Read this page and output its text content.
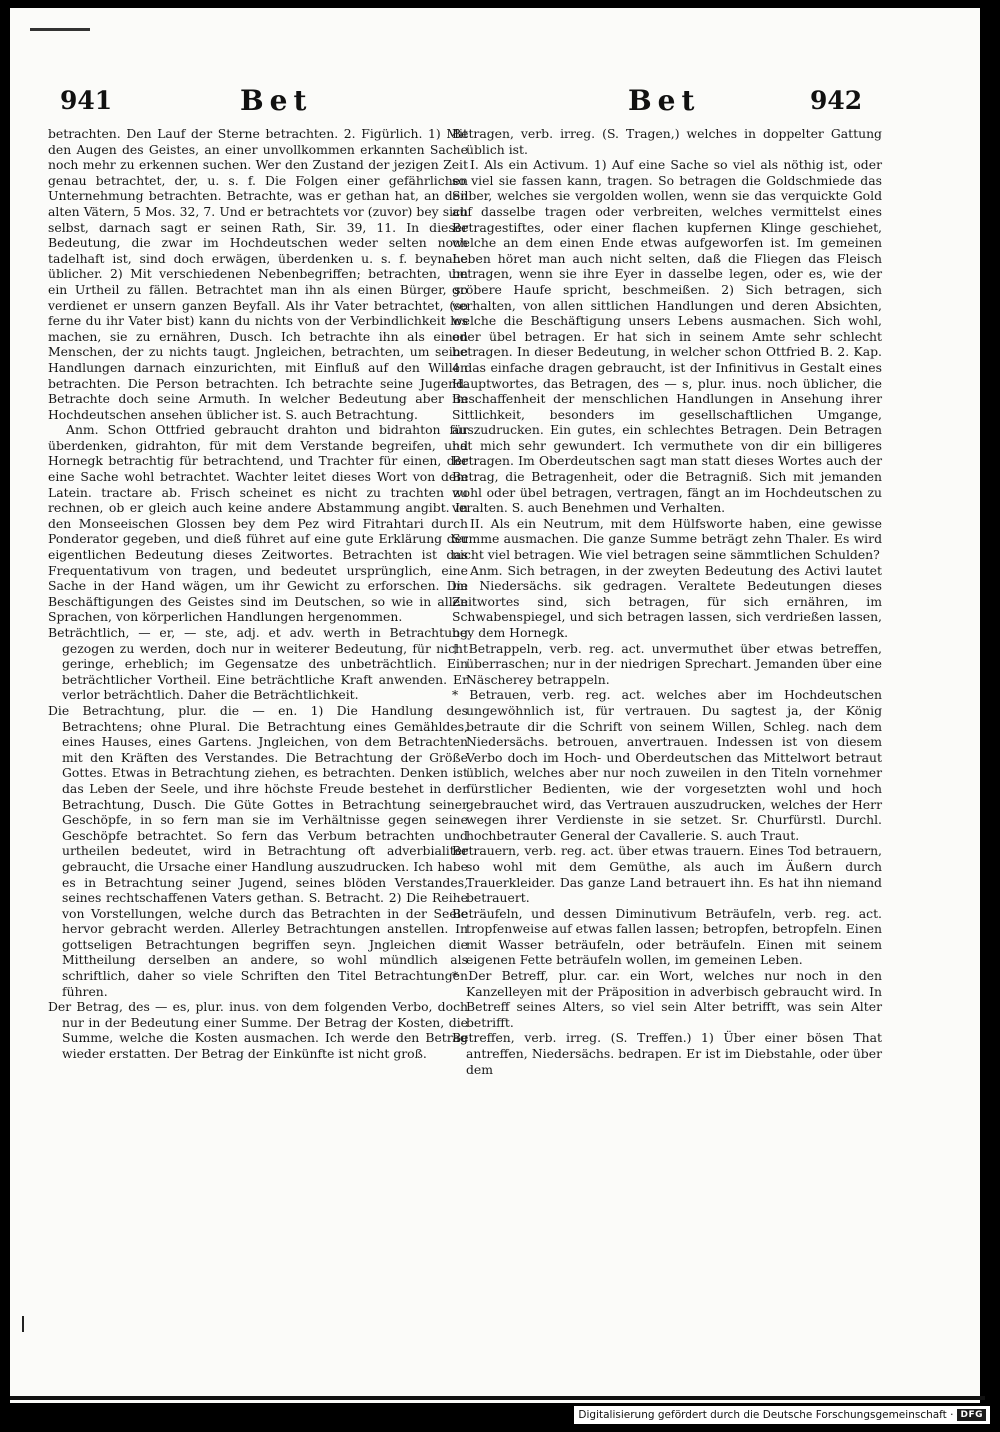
941	Bet	Bet	942

betrachten. Den Lauf der Sterne betrachten. 2. Figürlich. 1) Mit den Augen des Geistes, an einer unvollkommen erkannten Sache noch mehr zu erkennen suchen. Wer den Zustand der jezigen Zeit genau betrachtet, der, u. s. f. Die Folgen einer gefährlichen Unternehmung betrachten. Betrachte, was er gethan hat, an den alten Vätern, 5 Mos. 32, 7. Und er betrachtets vor (zuvor) bey sich selbst, darnach sagt er seinen Rath, Sir. 39, 11. In dieser Bedeutung, die zwar im Hochdeutschen weder selten noch tadelhaft ist, sind doch erwägen, überdenken u. s. f. beynahe üblicher. 2) Mit verschiedenen Nebenbegriffen; betrachten, um ein Urtheil zu fällen. Betrachtet man ihn als einen Bürger, so verdienet er unsern ganzen Beyfall. Als ihr Vater betrachtet, (so ferne du ihr Vater bist) kann du nichts von der Verbindlichkeit los machen, sie zu ernähren, Dusch. Ich betrachte ihn als einen Menschen, der zu nichts taugt. Jngleichen, betrachten, um seine Handlungen darnach einzurichten, mit Einfluß auf den Willen betrachten. Die Person betrachten. Ich betrachte seine Jugend. Betrachte doch seine Armuth. In welcher Bedeutung aber im Hochdeutschen ansehen üblicher ist. S. auch Betrachtung.

Anm. Schon Ottfried gebraucht drahton und bidrahton für überdenken, gidrahton, für mit dem Verstande begreifen, und Hornegk betrachtig für betrachtend, und Trachter für einen, der eine Sache wohl betrachtet. Wachter leitet dieses Wort von dem Latein. tractare ab. Frisch scheinet es nicht zu trachten zu rechnen, ob er gleich auch keine andere Abstammung angibt. In den Monseeischen Glossen bey dem Pez wird Fitrahtari durch Ponderator gegeben, und dieß führet auf eine gute Erklärung der eigentlichen Bedeutung dieses Zeitwortes. Betrachten ist das Frequentativum von tragen, und bedeutet ursprünglich, eine Sache in der Hand wägen, um ihr Gewicht zu erforschen. Die Beschäftigungen des Geistes sind im Deutschen, so wie in allen Sprachen, von körperlichen Handlungen hergenommen.

Beträchtlich, — er, — ste, adj. et adv. werth in Betrachtung gezogen zu werden, doch nur in weiterer Bedeutung, für nicht geringe, erheblich; im Gegensatze des unbeträchtlich. Ein beträchtlicher Vortheil. Eine beträchtliche Kraft anwenden. Er verlor beträchtlich. Daher die Beträchtlichkeit.

Die Betrachtung, plur. die — en. 1) Die Handlung des Betrachtens; ohne Plural. Die Betrachtung eines Gemähldes, eines Hauses, eines Gartens. Jngleichen, von dem Betrachten mit den Kräften des Verstandes. Die Betrachtung der Größe Gottes. Etwas in Betrachtung ziehen, es betrachten. Denken ist das Leben der Seele, und ihre höchste Freude bestehet in der Betrachtung, Dusch. Die Güte Gottes in Betrachtung seiner Geschöpfe, in so fern man sie im Verhältnisse gegen seine Geschöpfe betrachtet. So fern das Verbum betrachten und urtheilen bedeutet, wird in Betrachtung oft adverbialiter gebraucht, die Ursache einer Handlung auszudrucken. Ich habe es in Betrachtung seiner Jugend, seines blöden Verstandes, seines rechtschaffenen Vaters gethan. S. Betracht. 2) Die Reihe von Vorstellungen, welche durch das Betrachten in der Seele hervor gebracht werden. Allerley Betrachtungen anstellen. In gottseligen Betrachtungen begriffen seyn. Jngleichen die Mittheilung derselben an andere, so wohl mündlich als schriftlich, daher so viele Schriften den Titel Betrachtungen führen.

Der Betrag, des — es, plur. inus. von dem folgenden Verbo, doch nur in der Bedeutung einer Summe. Der Betrag der Kosten, die Summe, welche die Kosten ausmachen. Ich werde den Betrag wieder erstatten. Der Betrag der Einkünfte ist nicht groß.

Betragen, verb. irreg. (S. Tragen,) welches in doppelter Gattung üblich ist.

I. Als ein Activum. 1) Auf eine Sache so viel als nöthig ist, oder so viel sie fassen kann, tragen. So betragen die Goldschmiede das Silber, welches sie vergolden wollen, wenn sie das verquickte Gold auf dasselbe tragen oder verbreiten, welches vermittelst eines Betragestiftes, oder einer flachen kupfernen Klinge geschiehet, welche an dem einen Ende etwas aufgeworfen ist. Im gemeinen Leben höret man auch nicht selten, daß die Fliegen das Fleisch betragen, wenn sie ihre Eyer in dasselbe legen, oder es, wie der gröbere Haufe spricht, beschmeißen. 2) Sich betragen, sich verhalten, von allen sittlichen Handlungen und deren Absichten, welche die Beschäftigung unsers Lebens ausmachen. Sich wohl, oder übel betragen. Er hat sich in seinem Amte sehr schlecht betragen. In dieser Bedeutung, in welcher schon Ottfried B. 2. Kap. 4 das einfache dragen gebraucht, ist der Infinitivus in Gestalt eines Hauptwortes, das Betragen, des — s, plur. inus. noch üblicher, die Beschaffenheit der menschlichen Handlungen in Ansehung ihrer Sittlichkeit, besonders im gesellschaftlichen Umgange, auszudrucken. Ein gutes, ein schlechtes Betragen. Dein Betragen hat mich sehr gewundert. Ich vermuthete von dir ein billigeres Betragen. Im Oberdeutschen sagt man statt dieses Wortes auch der Betrag, die Betragenheit, oder die Betragniß. Sich mit jemanden wohl oder übel betragen, vertragen, fängt an im Hochdeutschen zu veralten. S. auch Benehmen und Verhalten.

II. Als ein Neutrum, mit dem Hülfsworte haben, eine gewisse Summe ausmachen. Die ganze Summe beträgt zehn Thaler. Es wird nicht viel betragen. Wie viel betragen seine sämmtlichen Schulden?

Anm. Sich betragen, in der zweyten Bedeutung des Activi lautet im Niedersächs. sik gedragen. Veraltete Bedeutungen dieses Zeitwortes sind, sich betragen, für sich ernähren, im Schwabenspiegel, und sich betragen lassen, sich verdrießen lassen, bey dem Hornegk.

† Betrappeln, verb. reg. act. unvermuthet über etwas betreffen, überraschen; nur in der niedrigen Sprechart. Jemanden über eine Näscherey betrappeln.

* Betrauen, verb. reg. act. welches aber im Hochdeutschen ungewöhnlich ist, für vertrauen. Du sagtest ja, der König betraute dir die Schrift von seinem Willen, Schleg. nach dem Niedersächs. betrouen, anvertrauen. Indessen ist von diesem Verbo doch im Hoch- und Oberdeutschen das Mittelwort betraut üblich, welches aber nur noch zuweilen in den Titeln vornehmer fürstlicher Bedienten, wie der vorgesetzten wohl und hoch gebrauchet wird, das Vertrauen auszudrucken, welches der Herr wegen ihrer Verdienste in sie setzet. Sr. Churfürstl. Durchl. hochbetrauter General der Cavallerie. S. auch Traut.

Betrauern, verb. reg. act. über etwas trauern. Eines Tod betrauern, so wohl mit dem Gemüthe, als auch im Äußern durch Trauerkleider. Das ganze Land betrauert ihn. Es hat ihn niemand betrauert.

Beträufeln, und dessen Diminutivum Beträufeln, verb. reg. act. tropfenweise auf etwas fallen lassen; betropfen, betropfeln. Einen mit Wasser beträufeln, oder beträufeln. Einen mit seinem eigenen Fette beträufeln wollen, im gemeinen Leben.

* Der Betreff, plur. car. ein Wort, welches nur noch in den Kanzelleyen mit der Präposition in adverbisch gebraucht wird. In Betreff seines Alters, so viel sein Alter betrifft, was sein Alter betrifft.

Betreffen, verb. irreg. (S. Treffen.) 1) Über einer bösen That antreffen, Niedersächs. bedrapen. Er ist im Diebstahle, oder über dem

Digitalisierung gefördert durch die Deutsche Forschungsgemeinschaft · DFG
